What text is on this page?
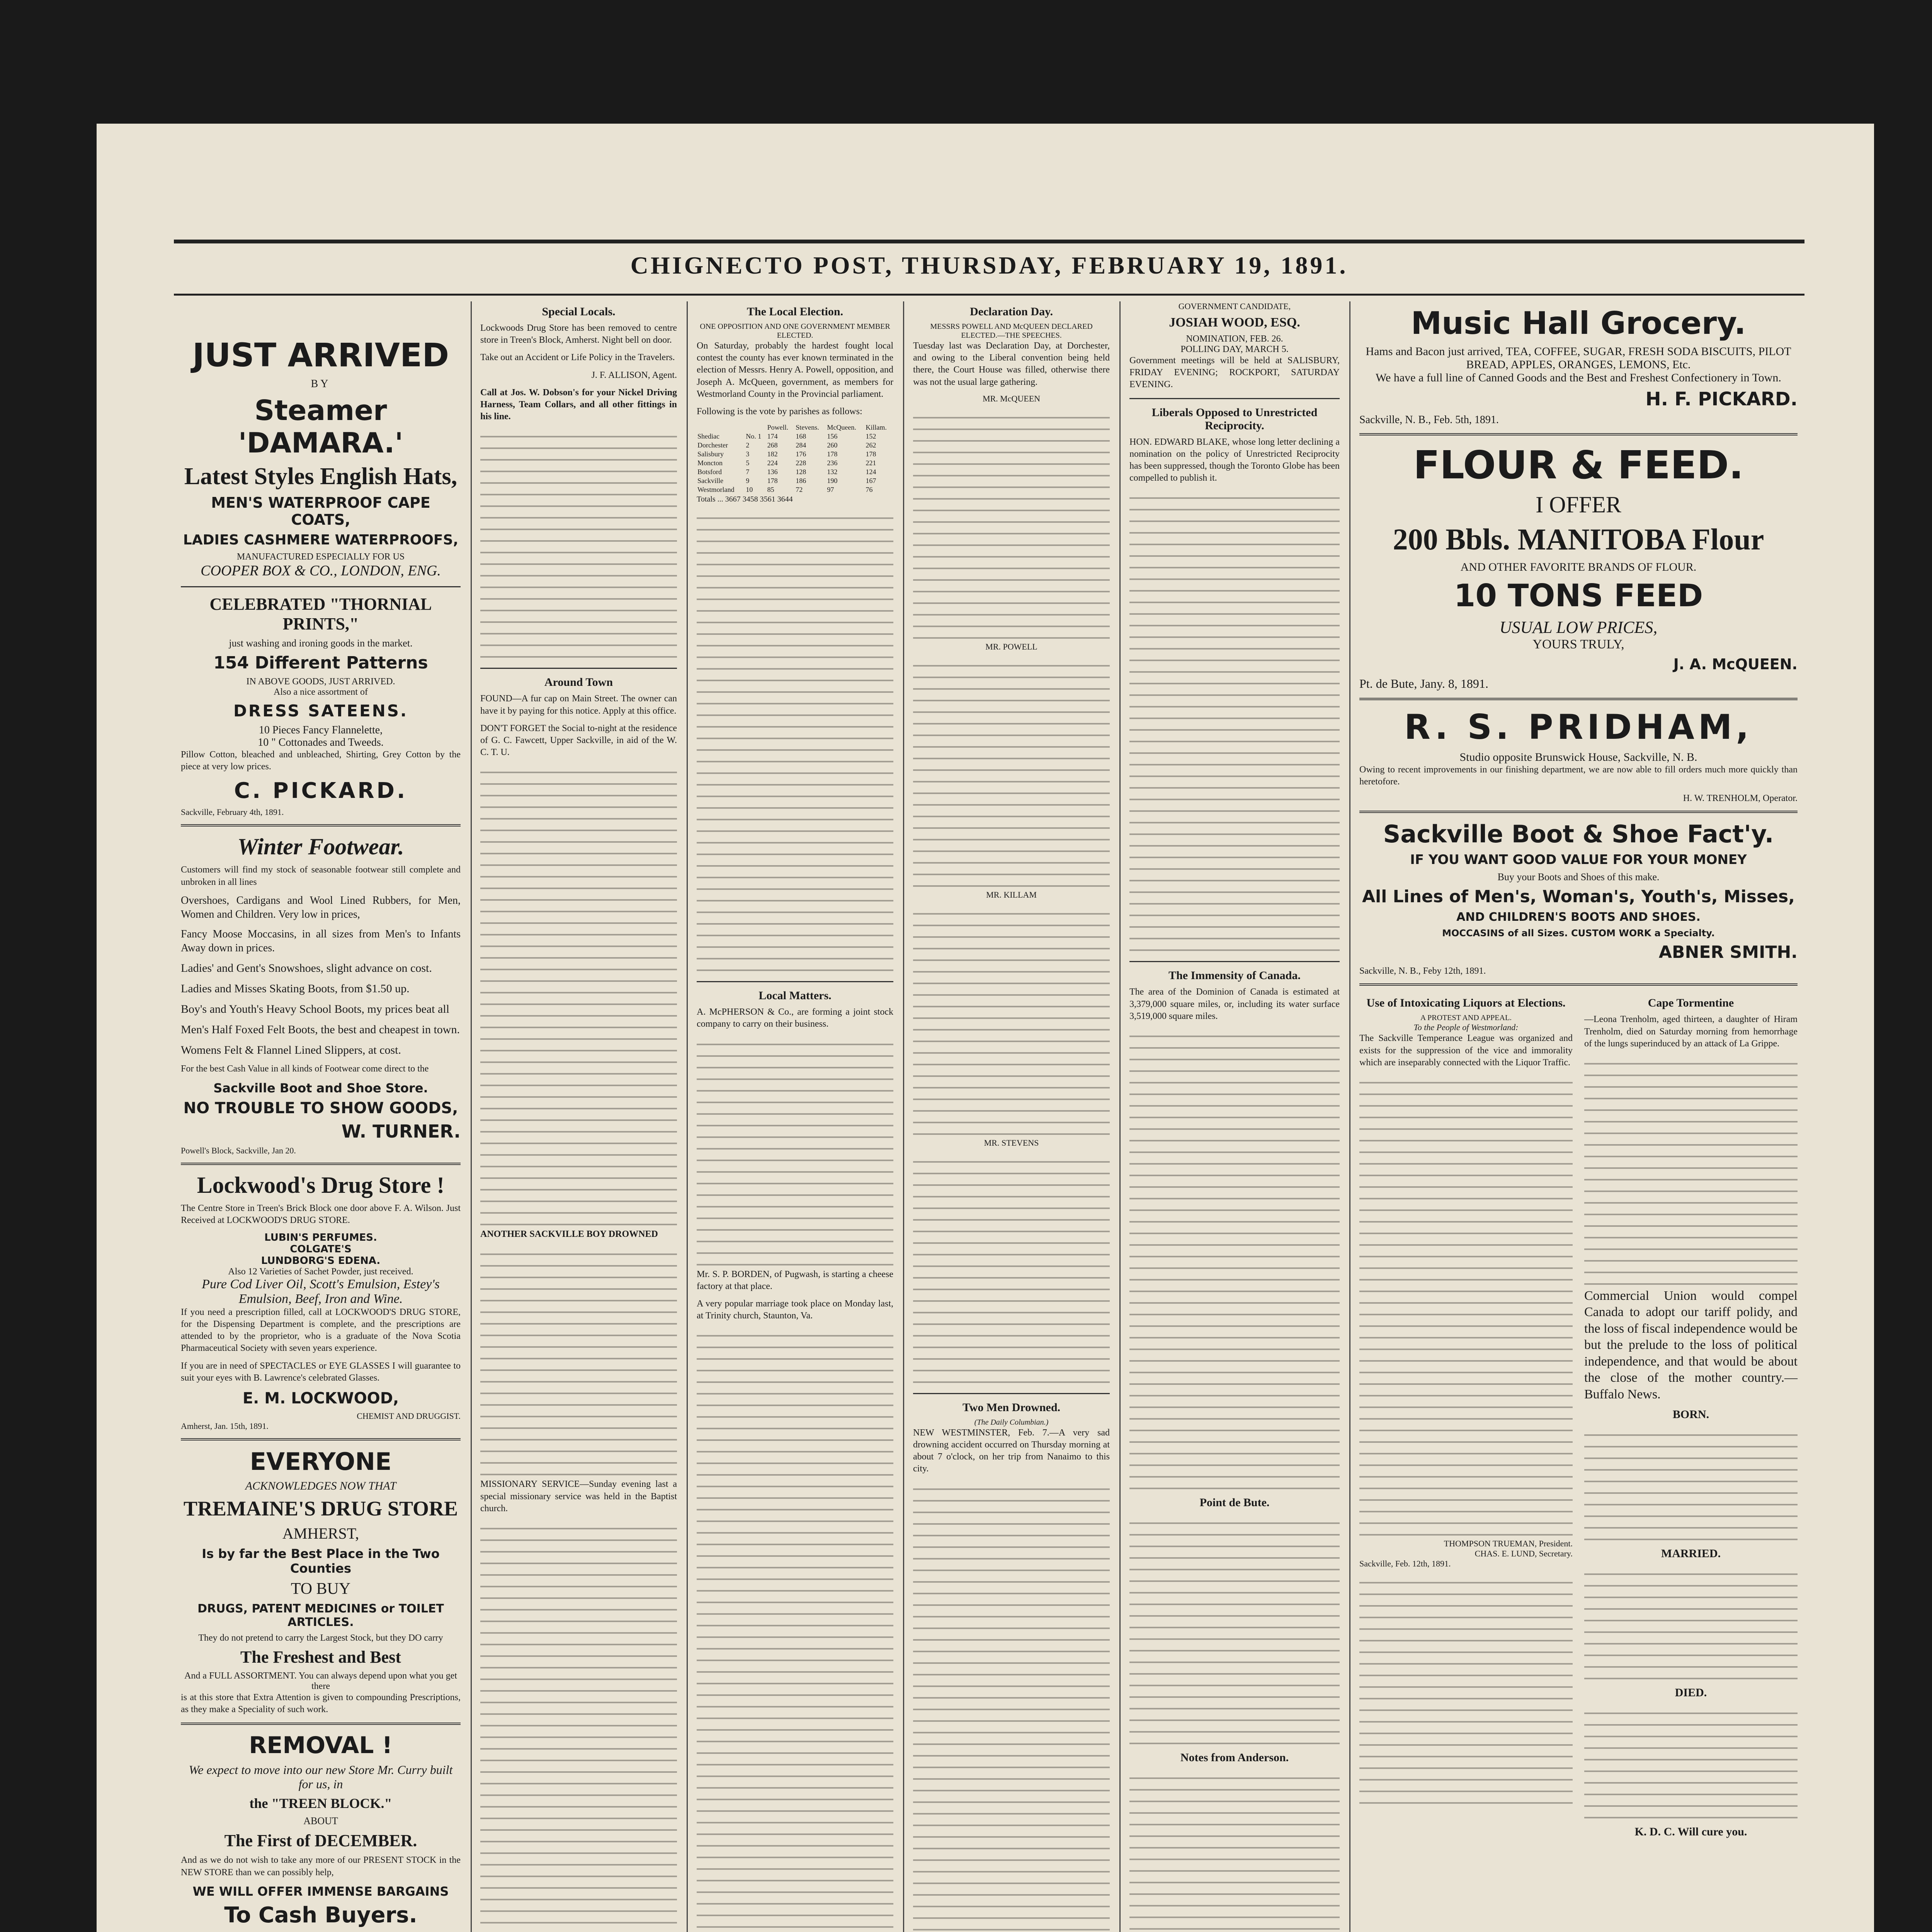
CHIGNECTO POST, THURSDAY, FEBRUARY 19, 1891.
JUST ARRIVED
BY
Steamer 'DAMARA.'
Latest Styles English Hats,
MEN'S WATERPROOF CAPE COATS,
LADIES CASHMERE WATERPROOFS,
MANUFACTURED ESPECIALLY FOR US
COOPER BOX & CO., LONDON, ENG.
CELEBRATED "THORNIAL PRINTS,"
just washing and ironing goods in the market.
154 Different Patterns
IN ABOVE GOODS, JUST ARRIVED.
Also a nice assortment of
DRESS SATEENS.
10 Pieces Fancy Flannelette,
10 " Cottonades and Tweeds.
Pillow Cotton, bleached and unbleached, Shirting, Grey Cotton by the piece at very low prices.
C. PICKARD.
Sackville, February 4th, 1891.
Winter Footwear.
Customers will find my stock of seasonable footwear still complete and unbroken in all lines
Overshoes, Cardigans and Wool Lined Rubbers, for Men, Women and Children. Very low in prices,
Fancy Moose Moccasins, in all sizes from Men's to Infants Away down in prices.
Ladies' and Gent's Snowshoes, slight advance on cost.
Ladies and Misses Skating Boots, from $1.50 up.
Boy's and Youth's Heavy School Boots, my prices beat all
Men's Half Foxed Felt Boots, the best and cheapest in town.
Womens Felt & Flannel Lined Slippers, at cost.
For the best Cash Value in all kinds of Footwear come direct to the
Sackville Boot and Shoe Store.
NO TROUBLE TO SHOW GOODS,
W. TURNER.
Powell's Block, Sackville, Jan 20.
Lockwood's Drug Store !
The Centre Store in Treen's Brick Block one door above F. A. Wilson. Just Received at LOCKWOOD'S DRUG STORE.
LUBIN'S PERFUMES.
COLGATE'S
LUNDBORG'S EDENA.
Also 12 Varieties of Sachet Powder, just received.
Pure Cod Liver Oil, Scott's Emulsion, Estey's Emulsion, Beef, Iron and Wine.
If you need a prescription filled, call at LOCKWOOD'S DRUG STORE, for the Dispensing Department is complete, and the prescriptions are attended to by the proprietor, who is a graduate of the Nova Scotia Pharmaceutical Society with seven years experience.
If you are in need of SPECTACLES or EYE GLASSES I will guarantee to suit your eyes with B. Lawrence's celebrated Glasses.
E. M. LOCKWOOD,
CHEMIST AND DRUGGIST.
Amherst, Jan. 15th, 1891.
EVERYONE
ACKNOWLEDGES NOW THAT
TREMAINE'S DRUG STORE
AMHERST,
Is by far the Best Place in the Two Counties
TO BUY
DRUGS, PATENT MEDICINES or TOILET ARTICLES.
They do not pretend to carry the Largest Stock, but they DO carry
The Freshest and Best
And a FULL ASSORTMENT. You can always depend upon what you get there
is at this store that Extra Attention is given to compounding Prescriptions, as they make a Speciality of such work.
REMOVAL !
We expect to move into our new Store Mr. Curry built for us, in
the "TREEN BLOCK."
ABOUT
The First of DECEMBER.
And as we do not wish to take any more of our PRESENT STOCK in the NEW STORE than we can possibly help,
WE WILL OFFER IMMENSE BARGAINS
To Cash Buyers.
Special Locals.

Lockwoods Drug Store has been removed to centre store in Treen's Block, Amherst. Night bell on door.

Take out an Accident or Life Policy in the Travelers.

J. F. ALLISON, Agent.

Call at Jos. W. Dobson's for your Nickel Driving Harness, Team Collars, and all other fittings in his line.

Around Town

FOUND—A fur cap on Main Street. The owner can have it by paying for this notice. Apply at this office.

DON'T FORGET the Social to-night at the residence of G. C. Fawcett, Upper Sackville, in aid of the W. C. T. U.

ANOTHER SACKVILLE BOY DROWNED

MISSIONARY SERVICE—Sunday evening last a special missionary service was held in the Baptist church.

The Local Election.
ONE OPPOSITION AND ONE GOVERNMENT MEMBER ELECTED.

On Saturday, probably the hardest fought local contest the county has ever known terminated in the election of Messrs. Henry A. Powell, opposition, and Joseph A. McQueen, government, as members for Westmorland County in the Provincial parliament.

Following is the vote by parishes as follows:

		Powell.	Stevens.	McQueen.	Killam.
Shediac	No. 1	174	168	156	152
Dorchester	2	268	284	260	262
Salisbury	3	182	176	178	178
Moncton	5	224	228	236	221
Botsford	7	136	128	132	124
Sackville	9	178	186	190	167
Westmorland	10	85	72	97	76

Totals ... 3667 3458 3561 3644

Local Matters.

A. McPHERSON & Co., are forming a joint stock company to carry on their business.

Mr. S. P. BORDEN, of Pugwash, is starting a cheese factory at that place.

A very popular marriage took place on Monday last, at Trinity church, Staunton, Va.

Declaration Day.
MESSRS POWELL AND McQUEEN DECLARED ELECTED.—THE SPEECHES.

Tuesday last was Declaration Day, at Dorchester, and owing to the Liberal convention being held there, the Court House was filled, otherwise there was not the usual large gathering.

MR. McQUEEN
MR. POWELL
MR. KILLAM
MR. STEVENS
Two Men Drowned.
(The Daily Columbian.)

NEW WESTMINSTER, Feb. 7.—A very sad drowning accident occurred on Thursday morning at about 7 o'clock, on her trip from Nanaimo to this city.

GOVERNMENT CANDIDATE,
JOSIAH WOOD, ESQ.
NOMINATION, FEB. 26.
POLLING DAY, MARCH 5.

Government meetings will be held at SALISBURY, FRIDAY EVENING; ROCKPORT, SATURDAY EVENING.

Liberals Opposed to Unrestricted Reciprocity.

HON. EDWARD BLAKE, whose long letter declining a nomination on the policy of Unrestricted Reciprocity has been suppressed, though the Toronto Globe has been compelled to publish it.

The Immensity of Canada.

The area of the Dominion of Canada is estimated at 3,379,000 square miles, or, including its water surface 3,519,000 square miles.

Point de Bute.
Notes from Anderson.
Music Hall Grocery.
Hams and Bacon just arrived, TEA, COFFEE, SUGAR, FRESH SODA BISCUITS, PILOT BREAD, APPLES, ORANGES, LEMONS, Etc.
We have a full line of Canned Goods and the Best and Freshest Confectionery in Town.
H. F. PICKARD.
Sackville, N. B., Feb. 5th, 1891.
FLOUR & FEED.
I OFFER
200 Bbls. MANITOBA Flour
AND OTHER FAVORITE BRANDS OF FLOUR.
10 TONS FEED
USUAL LOW PRICES,
YOURS TRULY,
J. A. McQUEEN.
Pt. de Bute, Jany. 8, 1891.
R. S. PRIDHAM,
Studio opposite Brunswick House, Sackville, N. B.

Owing to recent improvements in our finishing department, we are now able to fill orders much more quickly than heretofore.

H. W. TRENHOLM, Operator.
Sackville Boot & Shoe Fact'y.
IF YOU WANT GOOD VALUE FOR YOUR MONEY
Buy your Boots and Shoes of this make.
All Lines of Men's, Woman's, Youth's, Misses,
AND CHILDREN'S BOOTS AND SHOES.
MOCCASINS of all Sizes. CUSTOM WORK a Specialty.
ABNER SMITH.
Sackville, N. B., Feby 12th, 1891.
Use of Intoxicating Liquors at Elections.
A PROTEST AND APPEAL.
To the People of Westmorland:

The Sackville Temperance League was organized and exists for the suppression of the vice and immorality which are inseparably connected with the Liquor Traffic.

THOMPSON TRUEMAN, President.
CHAS. E. LUND, Secretary.
Sackville, Feb. 12th, 1891.
Cape Tormentine

—Leona Trenholm, aged thirteen, a daughter of Hiram Trenholm, died on Saturday morning from hemorrhage of the lungs superinduced by an attack of La Grippe.

Commercial Union would compel Canada to adopt our tariff polidy, and the loss of fiscal independence would be but the prelude to the loss of political independence, and that would be about the close of the mother country.—Buffalo News.

BORN.
MARRIED.
DIED.
K. D. C. Will cure you.
